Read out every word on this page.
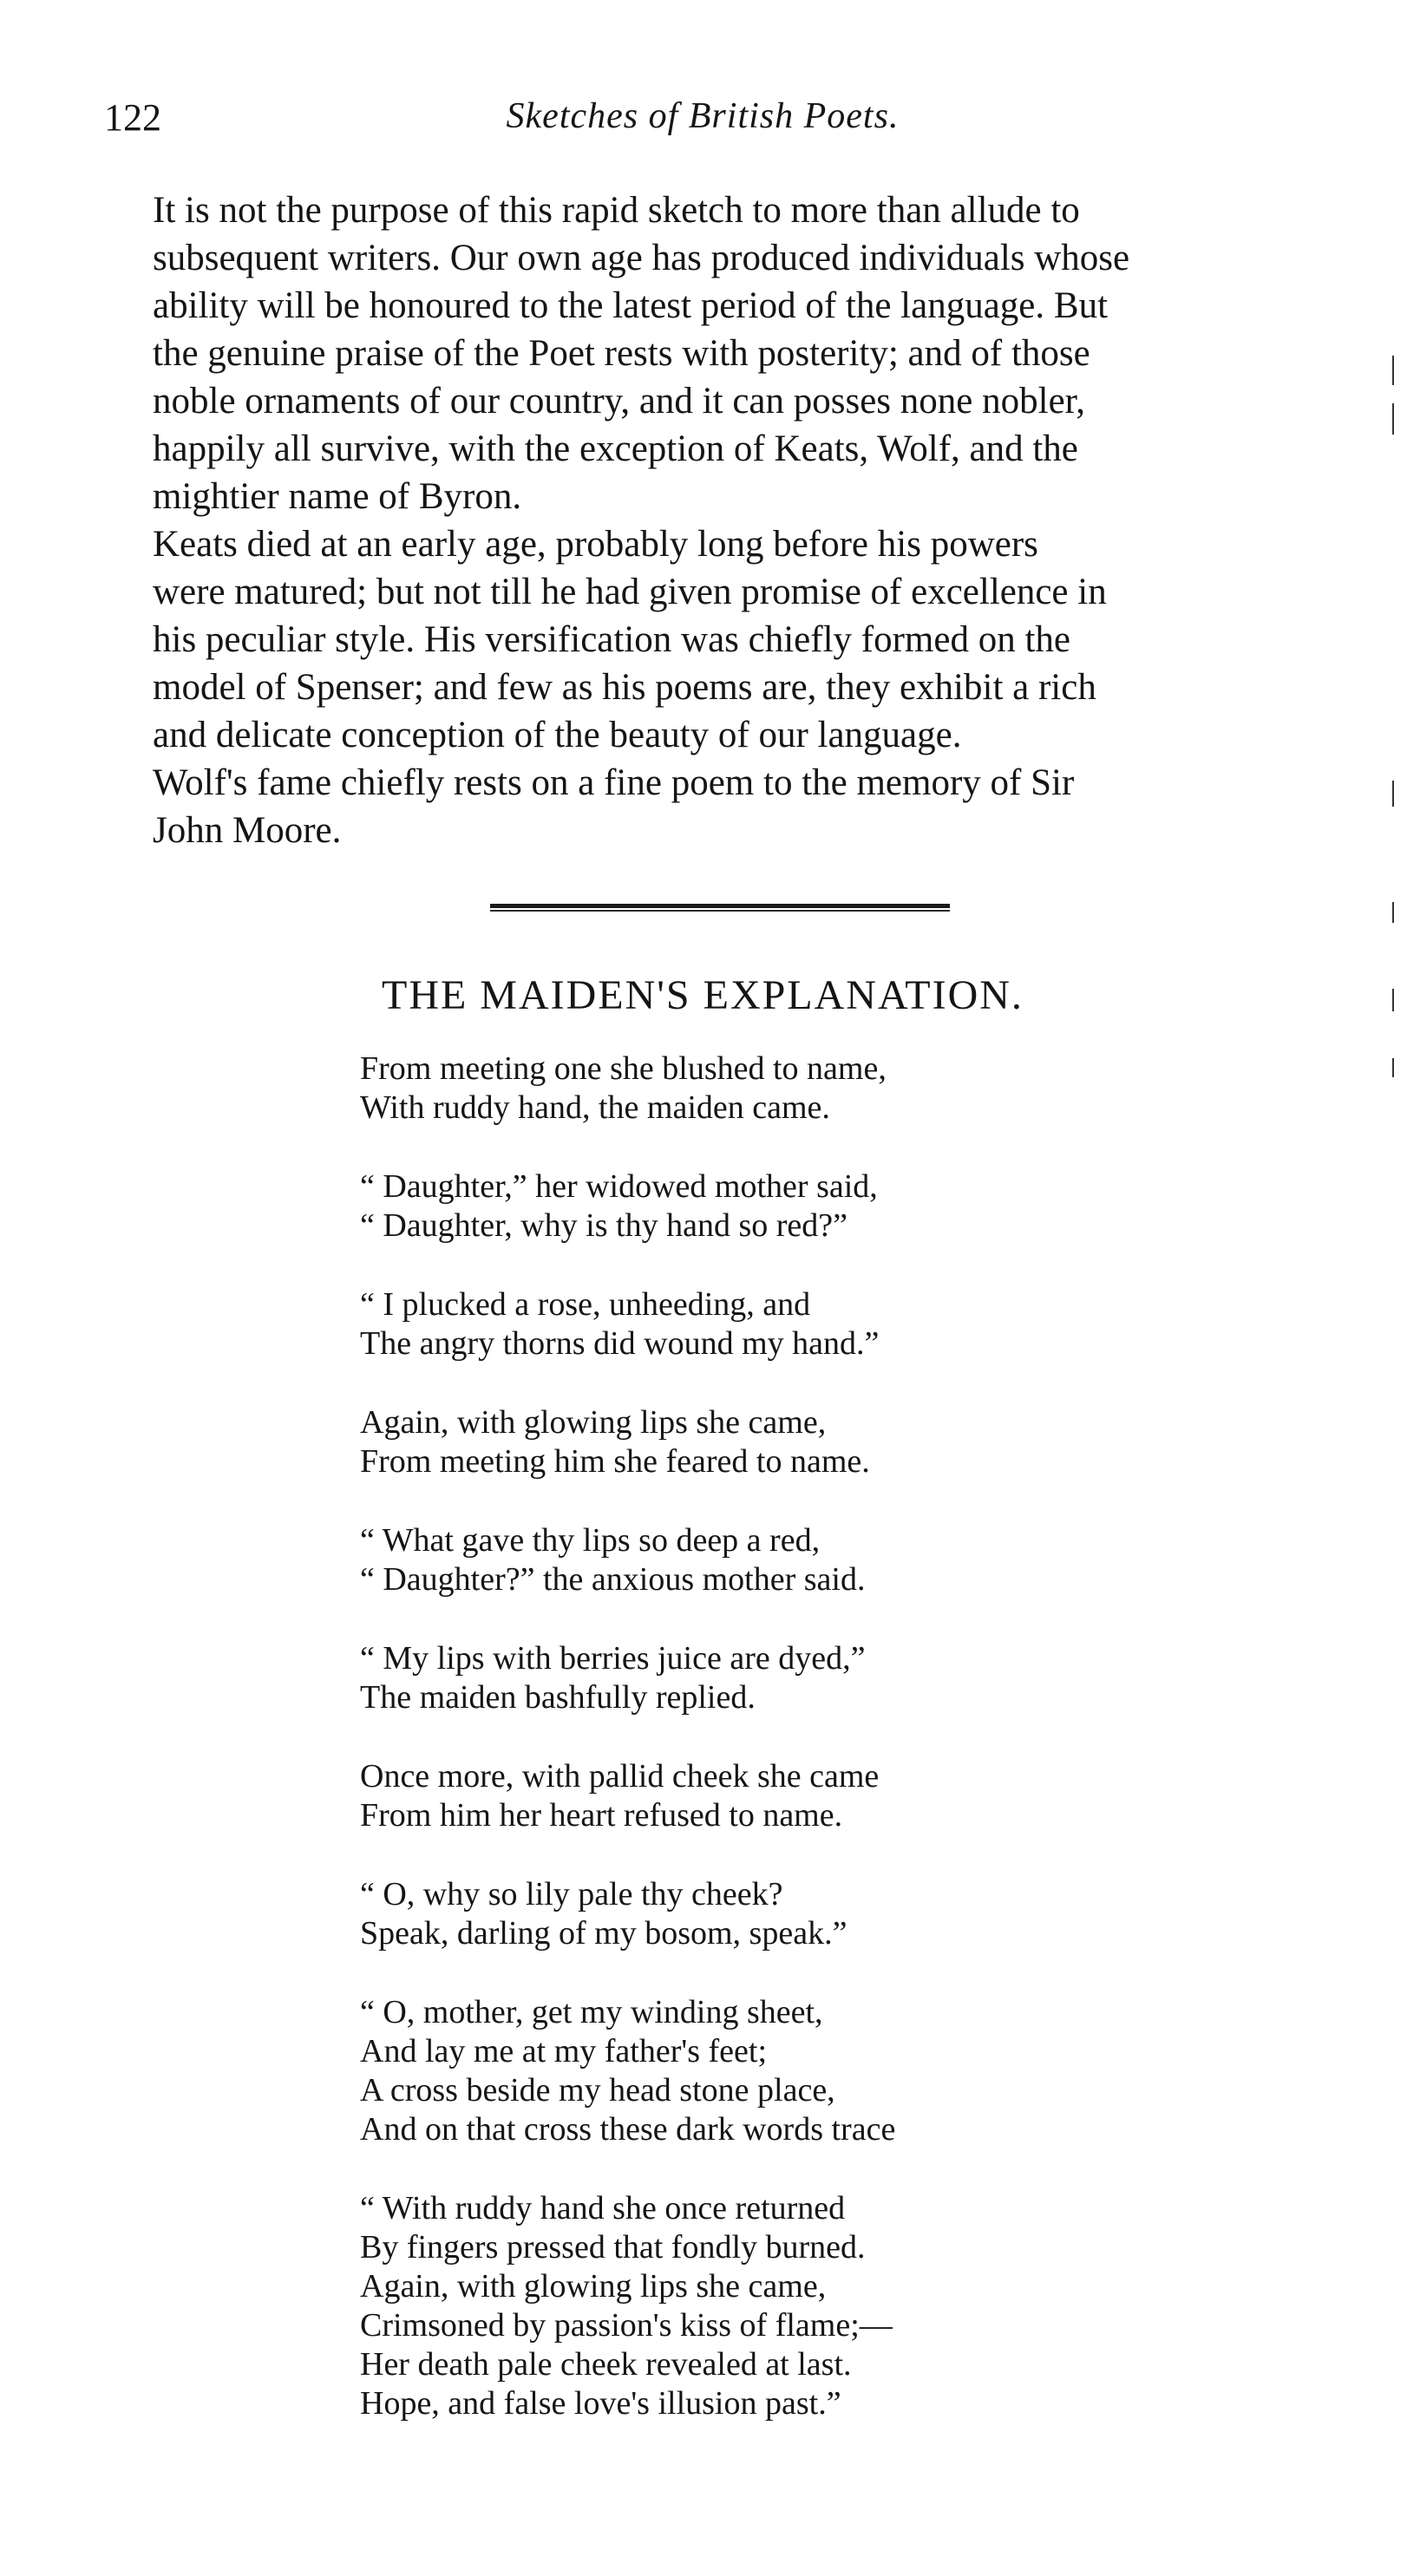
122	Sketches of British Poets.

It is not the purpose of this rapid sketch to more than allude to
subsequent writers. Our own age has produced individuals whose
ability will be honoured to the latest period of the language. But
the genuine praise of the Poet rests with posterity; and of those
noble ornaments of our country, and it can posses none nobler,
happily all survive, with the exception of Keats, Wolf, and the
mightier name of Byron.

Keats died at an early age, probably long before his powers
were matured; but not till he had given promise of excellence in
his peculiar style. His versification was chiefly formed on the
model of Spenser; and few as his poems are, they exhibit a rich
and delicate conception of the beauty of our language.

Wolf's fame chiefly rests on a fine poem to the memory of Sir
John Moore.

THE MAIDEN'S EXPLANATION.
From meeting one she blushed to name,
With ruddy hand, the maiden came.
“ Daughter,” her widowed mother said,
“ Daughter, why is thy hand so red?”
“ I plucked a rose, unheeding, and
The angry thorns did wound my hand.”
Again, with glowing lips she came,
From meeting him she feared to name.
“ What gave thy lips so deep a red,
“ Daughter?” the anxious mother said.
“ My lips with berries juice are dyed,”
The maiden bashfully replied.
Once more, with pallid cheek she came
From him her heart refused to name.
“ O, why so lily pale thy cheek?
Speak, darling of my bosom, speak.”
“ O, mother, get my winding sheet,
And lay me at my father's feet;
A cross beside my head stone place,
And on that cross these dark words trace
“ With ruddy hand she once returned
By fingers pressed that fondly burned.
Again, with glowing lips she came,
Crimsoned by passion's kiss of flame;—
Her death pale cheek revealed at last.
Hope, and false love's illusion past.”
